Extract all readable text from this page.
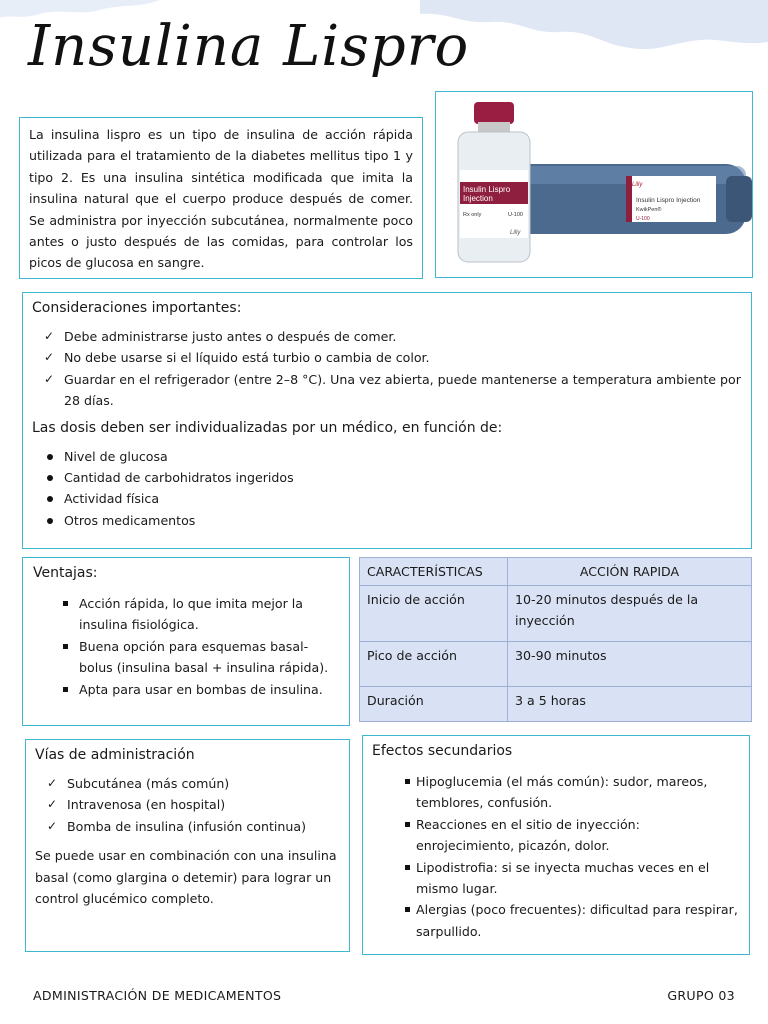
Insulina Lispro

La insulina lispro es un tipo de insulina de acción rápida utilizada para el tratamiento de la diabetes mellitus tipo 1 y tipo 2. Es una insulina sintética modificada que imita la insulina natural que el cuerpo produce después de comer. Se administra por inyección subcutánea, normalmente poco antes o justo después de las comidas, para controlar los picos de glucosa en sangre.

Insulin Lispro Injection
KwikPen®
U-100
Lilly
Insulin Lispro
Injection
Rx only	U-100
Lilly
Consideraciones importantes:
✓ Debe administrarse justo antes o después de comer.
✓ No debe usarse si el líquido está turbio o cambia de color.
✓ Guardar en el refrigerador (entre 2–8 °C). Una vez abierta, puede mantenerse a temperatura ambiente por 28 días.
Las dosis deben ser individualizadas por un médico, en función de:
Nivel de glucosa
Cantidad de carbohidratos ingeridos
Actividad física
Otros medicamentos
Ventajas:
Acción rápida, lo que imita mejor la insulina fisiológica.
Buena opción para esquemas basal-bolus (insulina basal + insulina rápida).
Apta para usar en bombas de insulina.
CARACTERÍSTICAS	ACCIÓN RAPIDA
Inicio de acción	10-20 minutos después de la inyección
Pico de acción	30-90 minutos
Duración	3 a 5 horas
Vías de administración
✓ Subcutánea (más común)
✓ Intravenosa (en hospital)
✓ Bomba de insulina (infusión continua)

Se puede usar en combinación con una insulina basal (como glargina o detemir) para lograr un control glucémico completo.

Efectos secundarios
Hipoglucemia (el más común): sudor, mareos, temblores, confusión.
Reacciones en el sitio de inyección: enrojecimiento, picazón, dolor.
Lipodistrofia: si se inyecta muchas veces en el mismo lugar.
Alergias (poco frecuentes): dificultad para respirar, sarpullido.
ADMINISTRACIÓN DE MEDICAMENTOS	GRUPO 03
